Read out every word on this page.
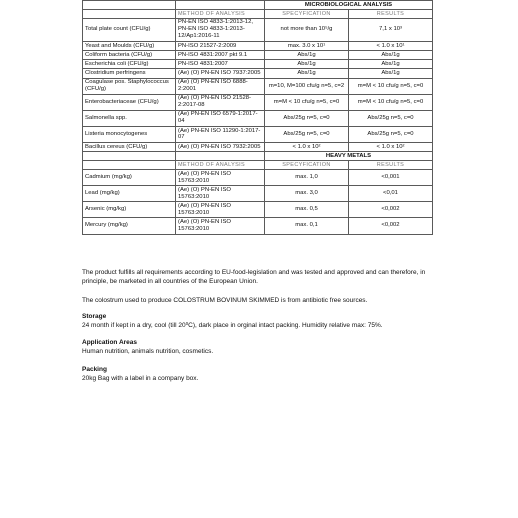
		MICROBIOLOGICAL ANALYSIS	
	METHOD OF ANALYSIS	SPECYFICATION	RESULTS
Total plate count (CFU/g)	PN-EN ISO 4833-1:2013-12, PN-EN ISO 4833-1:2013-12/Ap1:2016-11	not more than 10⁵/g	7,1 x 10³
Yeast and Moulds (CFU/g)	PN-ISO 21527-2:2009	max. 3.0 x 10¹	< 1.0 x 10¹
Coliform bacteria (CFU/g)	PN-ISO 4831:2007 pkt 9.1	Abs/1g	Abs/1g
Escherichia coli (CFU/g)	PN-ISO 4831:2007	Abs/1g	Abs/1g
Clostridium perfringens	(Ae) (O) PN-EN ISO 7937:2005	Abs/1g	Abs/1g
Coagulase pos. Staphylococcus (CFU/g)	(Ae) (O) PN-EN ISO 6888-2:2001	m=10, M=100 cfu/g n=5, c=2	m=M < 10 cfu/g n=5, c=0
Enterobacteriaceae (CFU/g)	(Ae) (O) PN-EN ISO 21528-2:2017-08	m=M < 10 cfu/g n=5, c=0	m=M < 10 cfu/g n=5, c=0
Salmonella spp.	(Ae) PN-EN ISO 6579-1:2017-04	Abs/25g n=5, c=0	Abs/25g n=5, c=0
Listeria monocytogenes	(Ae) PN-EN ISO 11290-1:2017-07	Abs/25g n=5, c=0	Abs/25g n=5, c=0
Bacillus cereus (CFU/g)	(Ae) (O) PN-EN ISO 7932:2005	< 1.0 x 10²	< 1.0 x 10²
		HEAVY METALS	
	METHOD OF ANALYSIS	SPECYFICATION	RESULTS
Cadmium (mg/kg)	(Ae) (O) PN-EN ISO 15763:2010	max. 1,0	<0,001
Lead (mg/kg)	(Ae) (O) PN-EN ISO 15763:2010	max. 3,0	<0,01
Arsenic (mg/kg)	(Ae) (O) PN-EN ISO 15763:2010	max. 0,5	<0,002
Mercury (mg/kg)	(Ae) (O) PN-EN ISO 15763:2010	max. 0,1	<0,002

The product fulfills all requirements according to EU-food-legislation and was tested and approved and can therefore, in principle, be marketed in all countries of the European Union.

The colostrum used to produce COLOSTRUM BOVINUM SKIMMED is from antibiotic free sources.

Storage

24 month if kept in a dry, cool (till 20⁰C), dark place in orginal intact packing. Humidity relative max: 75%.

Application Areas

Human nutrition, animals nutrition, cosmetics.

Packing

20kg Bag with a label in a company box.
